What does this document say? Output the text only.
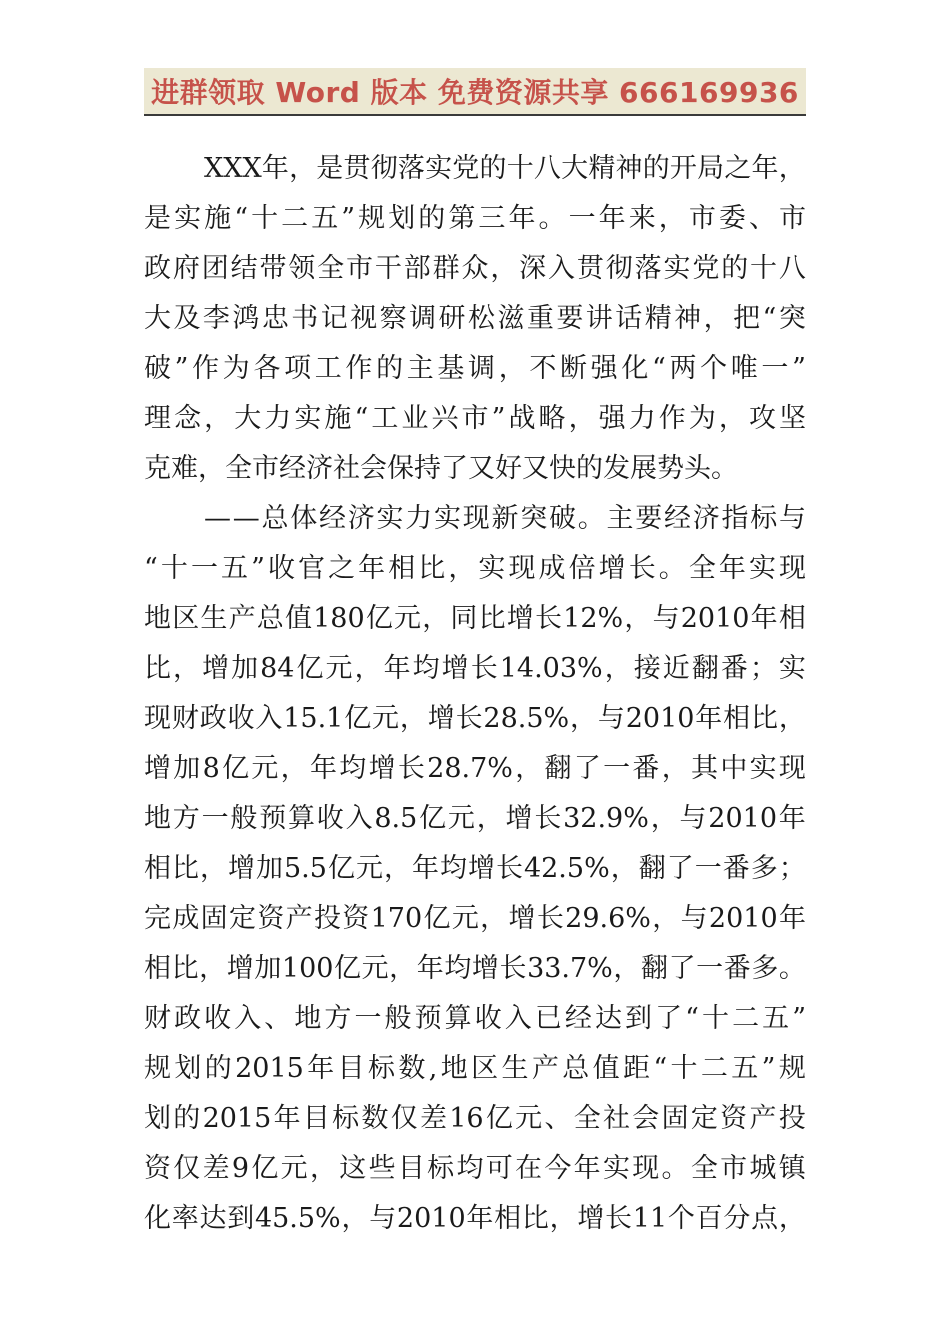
进群领取 Word 版本 免费资源共享 666169936
XXX 年 ， 是 贯 彻 落 实 党 的 十 八 大 精 神 的 开 局 之 年 ，
是 实 施 “ 十 二 五 ” 规 划 的 第 三 年 。 一 年 来 ， 市 委 、 市
政 府 团 结 带 领 全 市 干 部 群 众 ， 深 入 贯 彻 落 实 党 的 十 八
大 及 李 鸿 忠 书 记 视 察 调 研 松 滋 重 要 讲 话 精 神 ， 把 “ 突
破 ” 作 为 各 项 工 作 的 主 基 调 ， 不 断 强 化 “ 两 个 唯 一 ”
理 念 ， 大 力 实 施 “ 工 业 兴 市 ” 战 略 ， 强 力 作 为 ， 攻 坚
克 难 ， 全 市 经 济 社 会 保 持 了 又 好 又 快 的 发 展 势 头 。
— — 总 体 经 济 实 力 实 现 新 突 破 。 主 要 经 济 指 标 与
“ 十 一 五 ” 收 官 之 年 相 比 ， 实 现 成 倍 增 长 。 全 年 实 现
地 区 生 产 总 值 180 亿 元 ， 同 比 增 长 12% ， 与 2010 年 相
比 ， 增 加 84 亿 元 ， 年 均 增 长 14.03% ， 接 近 翻 番 ； 实
现 财 政 收 入 15.1 亿 元 ， 增 长 28.5% ， 与 2010 年 相 比 ，
增 加 8 亿 元 ， 年 均 增 长 28.7% ， 翻 了 一 番 ， 其 中 实 现
地 方 一 般 预 算 收 入 8.5 亿 元 ， 增 长 32.9% ， 与 2010 年
相 比 ， 增 加 5.5 亿 元 ， 年 均 增 长 42.5% ， 翻 了 一 番 多 ；
完 成 固 定 资 产 投 资 170 亿 元 ， 增 长 29.6% ， 与 2010 年
相 比 ， 增 加 100 亿 元 ， 年 均 增 长 33.7% ， 翻 了 一 番 多 。
财 政 收 入 、 地 方 一 般 预 算 收 入 已 经 达 到 了 “ 十 二 五 ”
规 划 的 2015 年 目 标 数 , 地 区 生 产 总 值 距 “ 十 二 五 ” 规
划 的 2015 年 目 标 数 仅 差 16 亿 元 、 全 社 会 固 定 资 产 投
资 仅 差 9 亿 元 ， 这 些 目 标 均 可 在 今 年 实 现 。 全 市 城 镇
化 率 达 到 45.5% ， 与 2010 年 相 比 ， 增 长 11 个 百 分 点 ，
